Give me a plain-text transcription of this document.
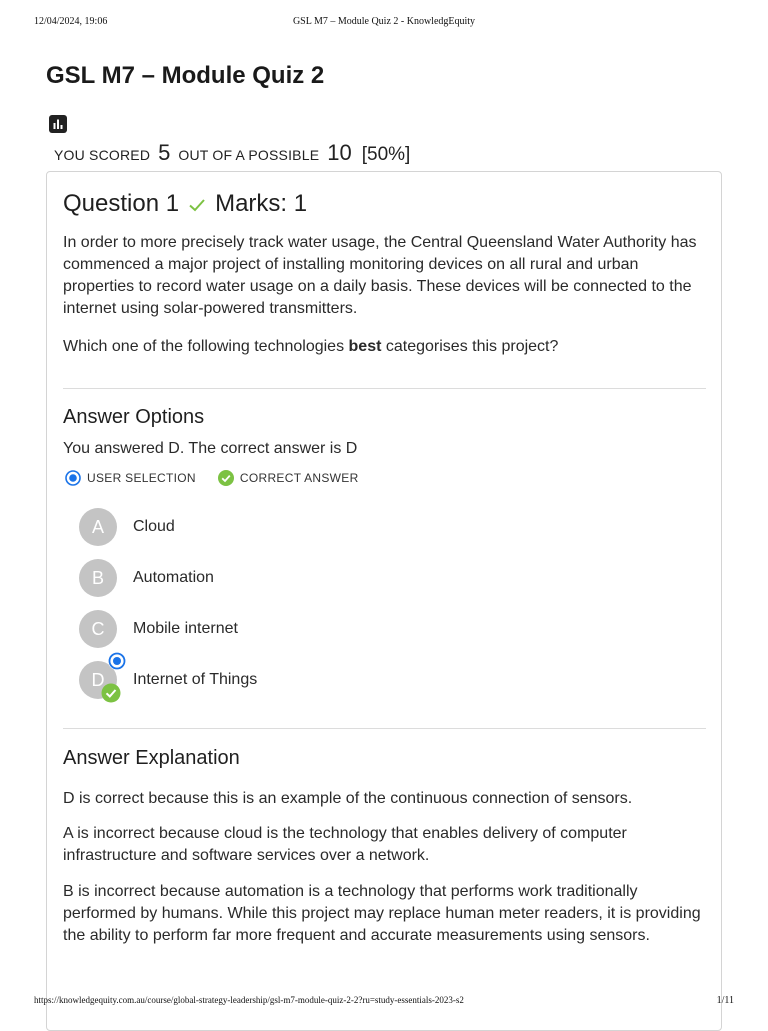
12/04/2024, 19:06	GSL M7 – Module Quiz 2 - KnowledgEquity
GSL M7 – Module Quiz 2
YOU SCORED 5 OUT OF A POSSIBLE 10 [50%]
Question 1 Marks: 1

In order to more precisely track water usage, the Central Queensland Water Authority has commenced a major project of installing monitoring devices on all rural and urban properties to record water usage on a daily basis. These devices will be connected to the internet using solar-powered transmitters.

Which one of the following technologies best categorises this project?

Answer Options

You answered D. The correct answer is D

USER SELECTION	CORRECT ANSWER
A	Cloud
B	Automation
C	Mobile internet
D Internet of Things
Answer Explanation

D is correct because this is an example of the continuous connection of sensors.

A is incorrect because cloud is the technology that enables delivery of computer infrastructure and software services over a network.

B is incorrect because automation is a technology that performs work traditionally performed by humans. While this project may replace human meter readers, it is providing the ability to perform far more frequent and accurate measurements using sensors.

https://knowledgequity.com.au/course/global-strategy-leadership/gsl-m7-module-quiz-2-2?ru=study-essentials-2023-s2	1/11
